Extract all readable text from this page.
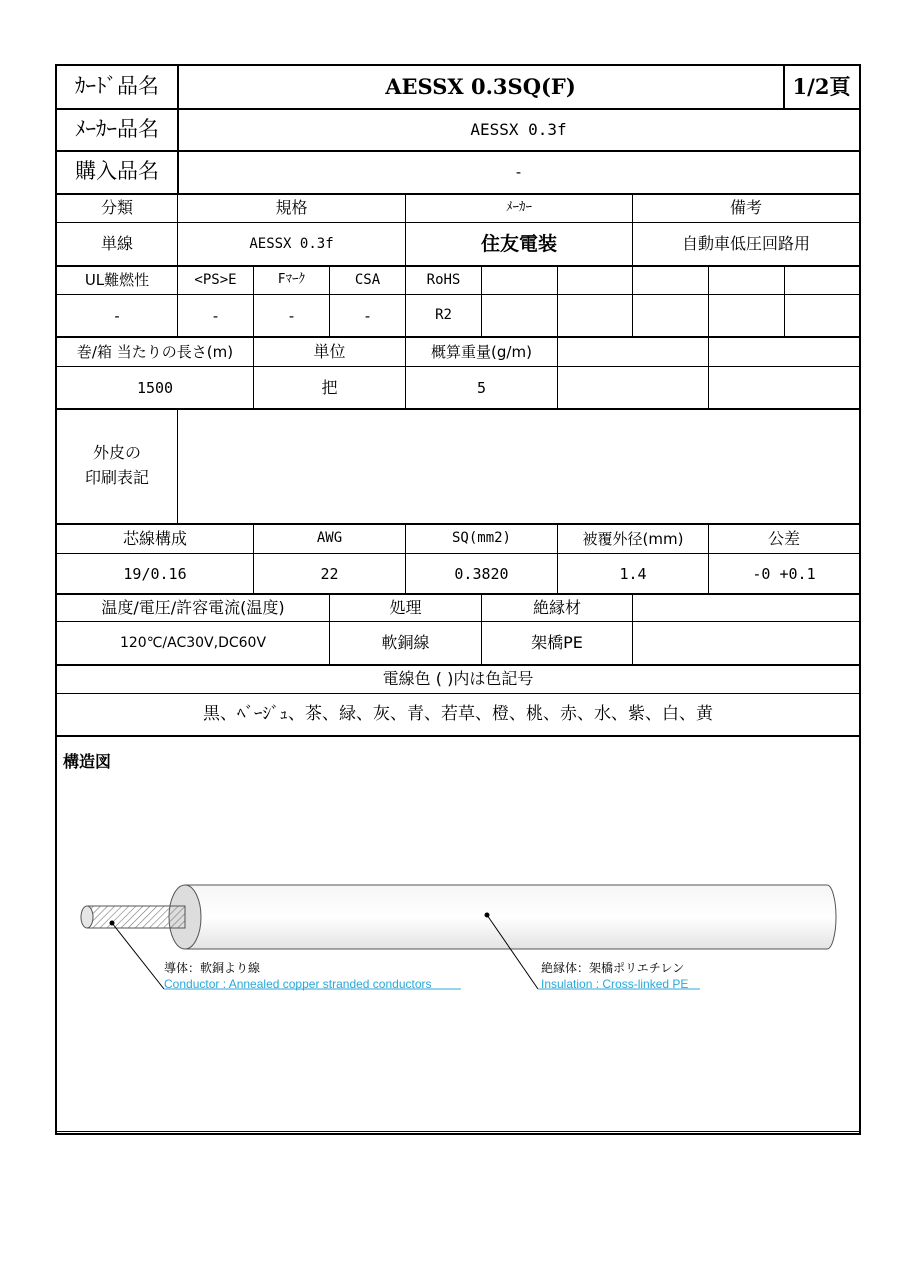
ｶｰﾄﾞ品名	AESSX 0.3SQ(F)	1/2頁
ﾒｰｶｰ品名	AESSX 0.3f
購入品名	-
分類	規格	ﾒｰｶｰ	備考
単線	AESSX 0.3f	住友電装	自動車低圧回路用
UL難燃性	<PS>E	Fﾏｰｸ	CSA	RoHS
-	-	-	-	R2
巻/箱 当たりの長さ(m)	単位	概算重量(g/m)
1500	把	5
外皮の
印刷表記
芯線構成	AWG	SQ(mm2)	被覆外径(mm)	公差
19/0.16	22	0.3820	1.4	-0 +0.1
温度/電圧/許容電流(温度)	処理	絶縁材
120℃/AC30V,DC60V	軟銅線	架橋PE
電線色 ( )内は色記号
黒、ﾍﾞｰｼﾞｭ、茶、緑、灰、青、若草、橙、桃、赤、水、紫、白、黄
構造図
導体：軟銅より線
Conductor : Annealed copper stranded conductors
絶縁体：架橋ポリエチレン
Insulation : Cross-linked PE
